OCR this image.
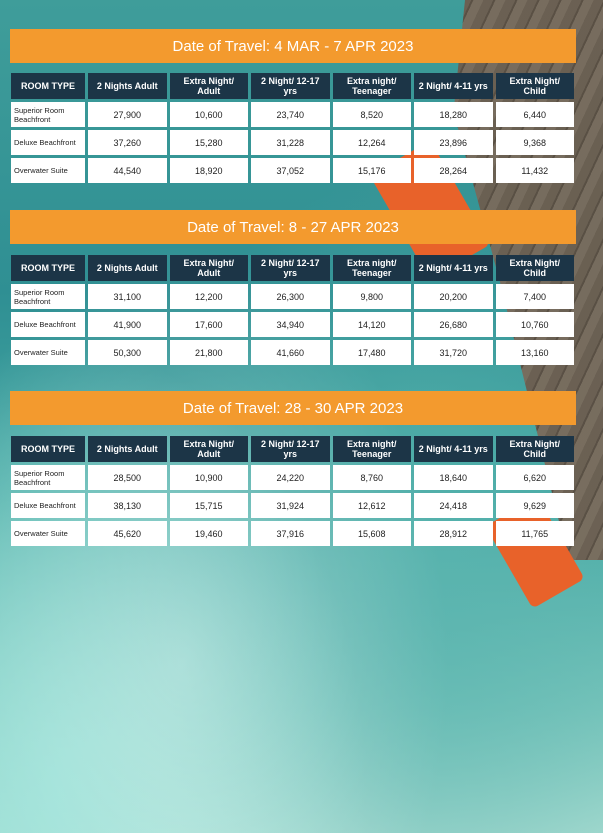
Date of Travel: 4 MAR - 7 APR 2023
ROOM TYPE	2 Nights Adult	Extra Night/ Adult	2 Night/ 12-17 yrs	Extra night/ Teenager	2 Night/ 4-11 yrs	Extra Night/ Child
Superior Room Beachfront	27,900	10,600	23,740	8,520	18,280	6,440
Deluxe Beachfront	37,260	15,280	31,228	12,264	23,896	9,368
Overwater Suite	44,540	18,920	37,052	15,176	28,264	11,432
Date of Travel: 8 - 27 APR 2023
ROOM TYPE	2 Nights Adult	Extra Night/ Adult	2 Night/ 12-17 yrs	Extra night/ Teenager	2 Night/ 4-11 yrs	Extra Night/ Child
Superior Room Beachfront	31,100	12,200	26,300	9,800	20,200	7,400
Deluxe Beachfront	41,900	17,600	34,940	14,120	26,680	10,760
Overwater Suite	50,300	21,800	41,660	17,480	31,720	13,160
Date of Travel: 28 - 30 APR 2023
ROOM TYPE	2 Nights Adult	Extra Night/ Adult	2 Night/ 12-17 yrs	Extra night/ Teenager	2 Night/ 4-11 yrs	Extra Night/ Child
Superior Room Beachfront	28,500	10,900	24,220	8,760	18,640	6,620
Deluxe Beachfront	38,130	15,715	31,924	12,612	24,418	9,629
Overwater Suite	45,620	19,460	37,916	15,608	28,912	11,765
